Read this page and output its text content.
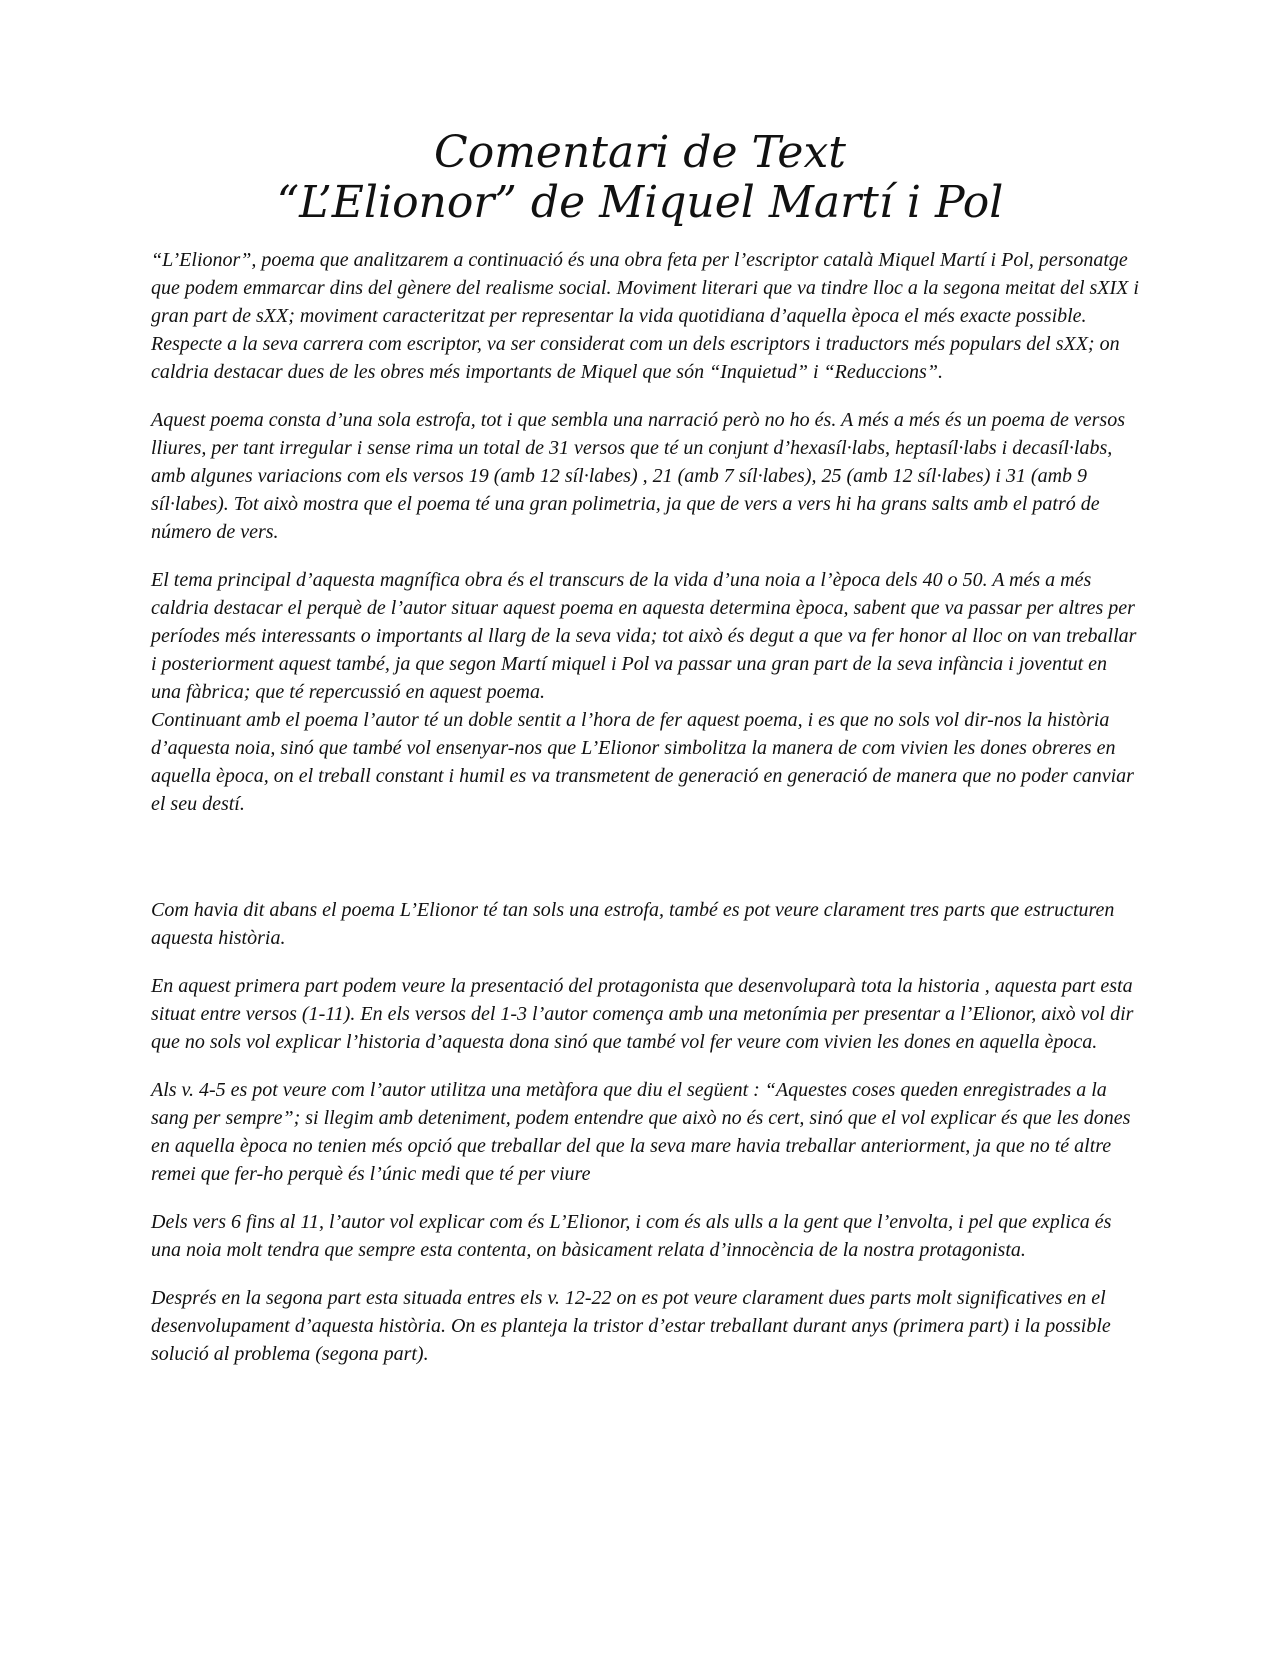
Comentari de Text
“L’Elionor” de Miquel Martí i Pol

“L’Elionor”, poema que analitzarem a continuació és una obra feta per l’escriptor català Miquel Martí i Pol, personatge que podem emmarcar dins del gènere del realisme social. Moviment literari que va tindre lloc a la segona meitat del sXIX i gran part de sXX; moviment caracteritzat per representar la vida quotidiana d’aquella època el més exacte possible. Respecte a la seva carrera com escriptor, va ser considerat com un dels escriptors i traductors més populars del sXX; on caldria destacar dues de les obres més importants de Miquel que són “Inquietud” i “Reduccions”.

Aquest poema consta d’una sola estrofa, tot i que sembla una narració però no ho és. A més a més és un poema de versos lliures, per tant irregular i sense rima un total de 31 versos que té un conjunt d’hexasíl·labs, heptasíl·labs i decasíl·labs, amb algunes variacions com els versos 19 (amb 12 síl·labes) , 21 (amb 7 síl·labes), 25 (amb 12 síl·labes) i 31 (amb 9 síl·labes). Tot això mostra que el poema té una gran polimetria, ja que de vers a vers hi ha grans salts amb el patró de número de vers.

El tema principal d’aquesta magnífica obra és el transcurs de la vida d’una noia a l’època dels 40 o 50. A més a més caldria destacar el perquè de l’autor situar aquest poema en aquesta determina època, sabent que va passar per altres per períodes més interessants o importants al llarg de la seva vida; tot això és degut a que va fer honor al lloc on van treballar i posteriorment aquest també, ja que segon Martí miquel i Pol va passar una gran part de la seva infància i joventut en una fàbrica; que té repercussió en aquest poema.

Continuant amb el poema l’autor té un doble sentit a l’hora de fer aquest poema, i es que no sols vol dir-nos la història d’aquesta noia, sinó que també vol ensenyar-nos que L’Elionor simbolitza la manera de com vivien les dones obreres en aquella època, on el treball constant i humil es va transmetent de generació en generació de manera que no poder canviar el seu destí.

Com havia dit abans el poema L’Elionor té tan sols una estrofa, també es pot veure clarament tres parts que estructuren aquesta història.

En aquest primera part podem veure la presentació del protagonista que desenvoluparà tota la historia , aquesta part esta situat entre versos (1-11). En els versos del 1-3 l’autor comença amb una metonímia per presentar a l’Elionor, això vol dir que no sols vol explicar l’historia d’aquesta dona sinó que també vol fer veure com vivien les dones en aquella època.

Als v. 4-5 es pot veure com l’autor utilitza una metàfora que diu el següent : “Aquestes coses queden enregistrades a la sang per sempre”; si llegim amb deteniment, podem entendre que això no és cert, sinó que el vol explicar és que les dones en aquella època no tenien més opció que treballar del que la seva mare havia treballar anteriorment, ja que no té altre remei que fer-ho perquè és l’únic medi que té per viure

Dels vers 6 fins al 11, l’autor vol explicar com és L’Elionor, i com és als ulls a la gent que l’envolta, i pel que explica és una noia molt tendra que sempre esta contenta, on bàsicament relata d’innocència de la nostra protagonista.

Després en la segona part esta situada entres els v. 12-22 on es pot veure clarament dues parts molt significatives en el desenvolupament d’aquesta història. On es planteja la tristor d’estar treballant durant anys (primera part) i la possible solució al problema (segona part).
